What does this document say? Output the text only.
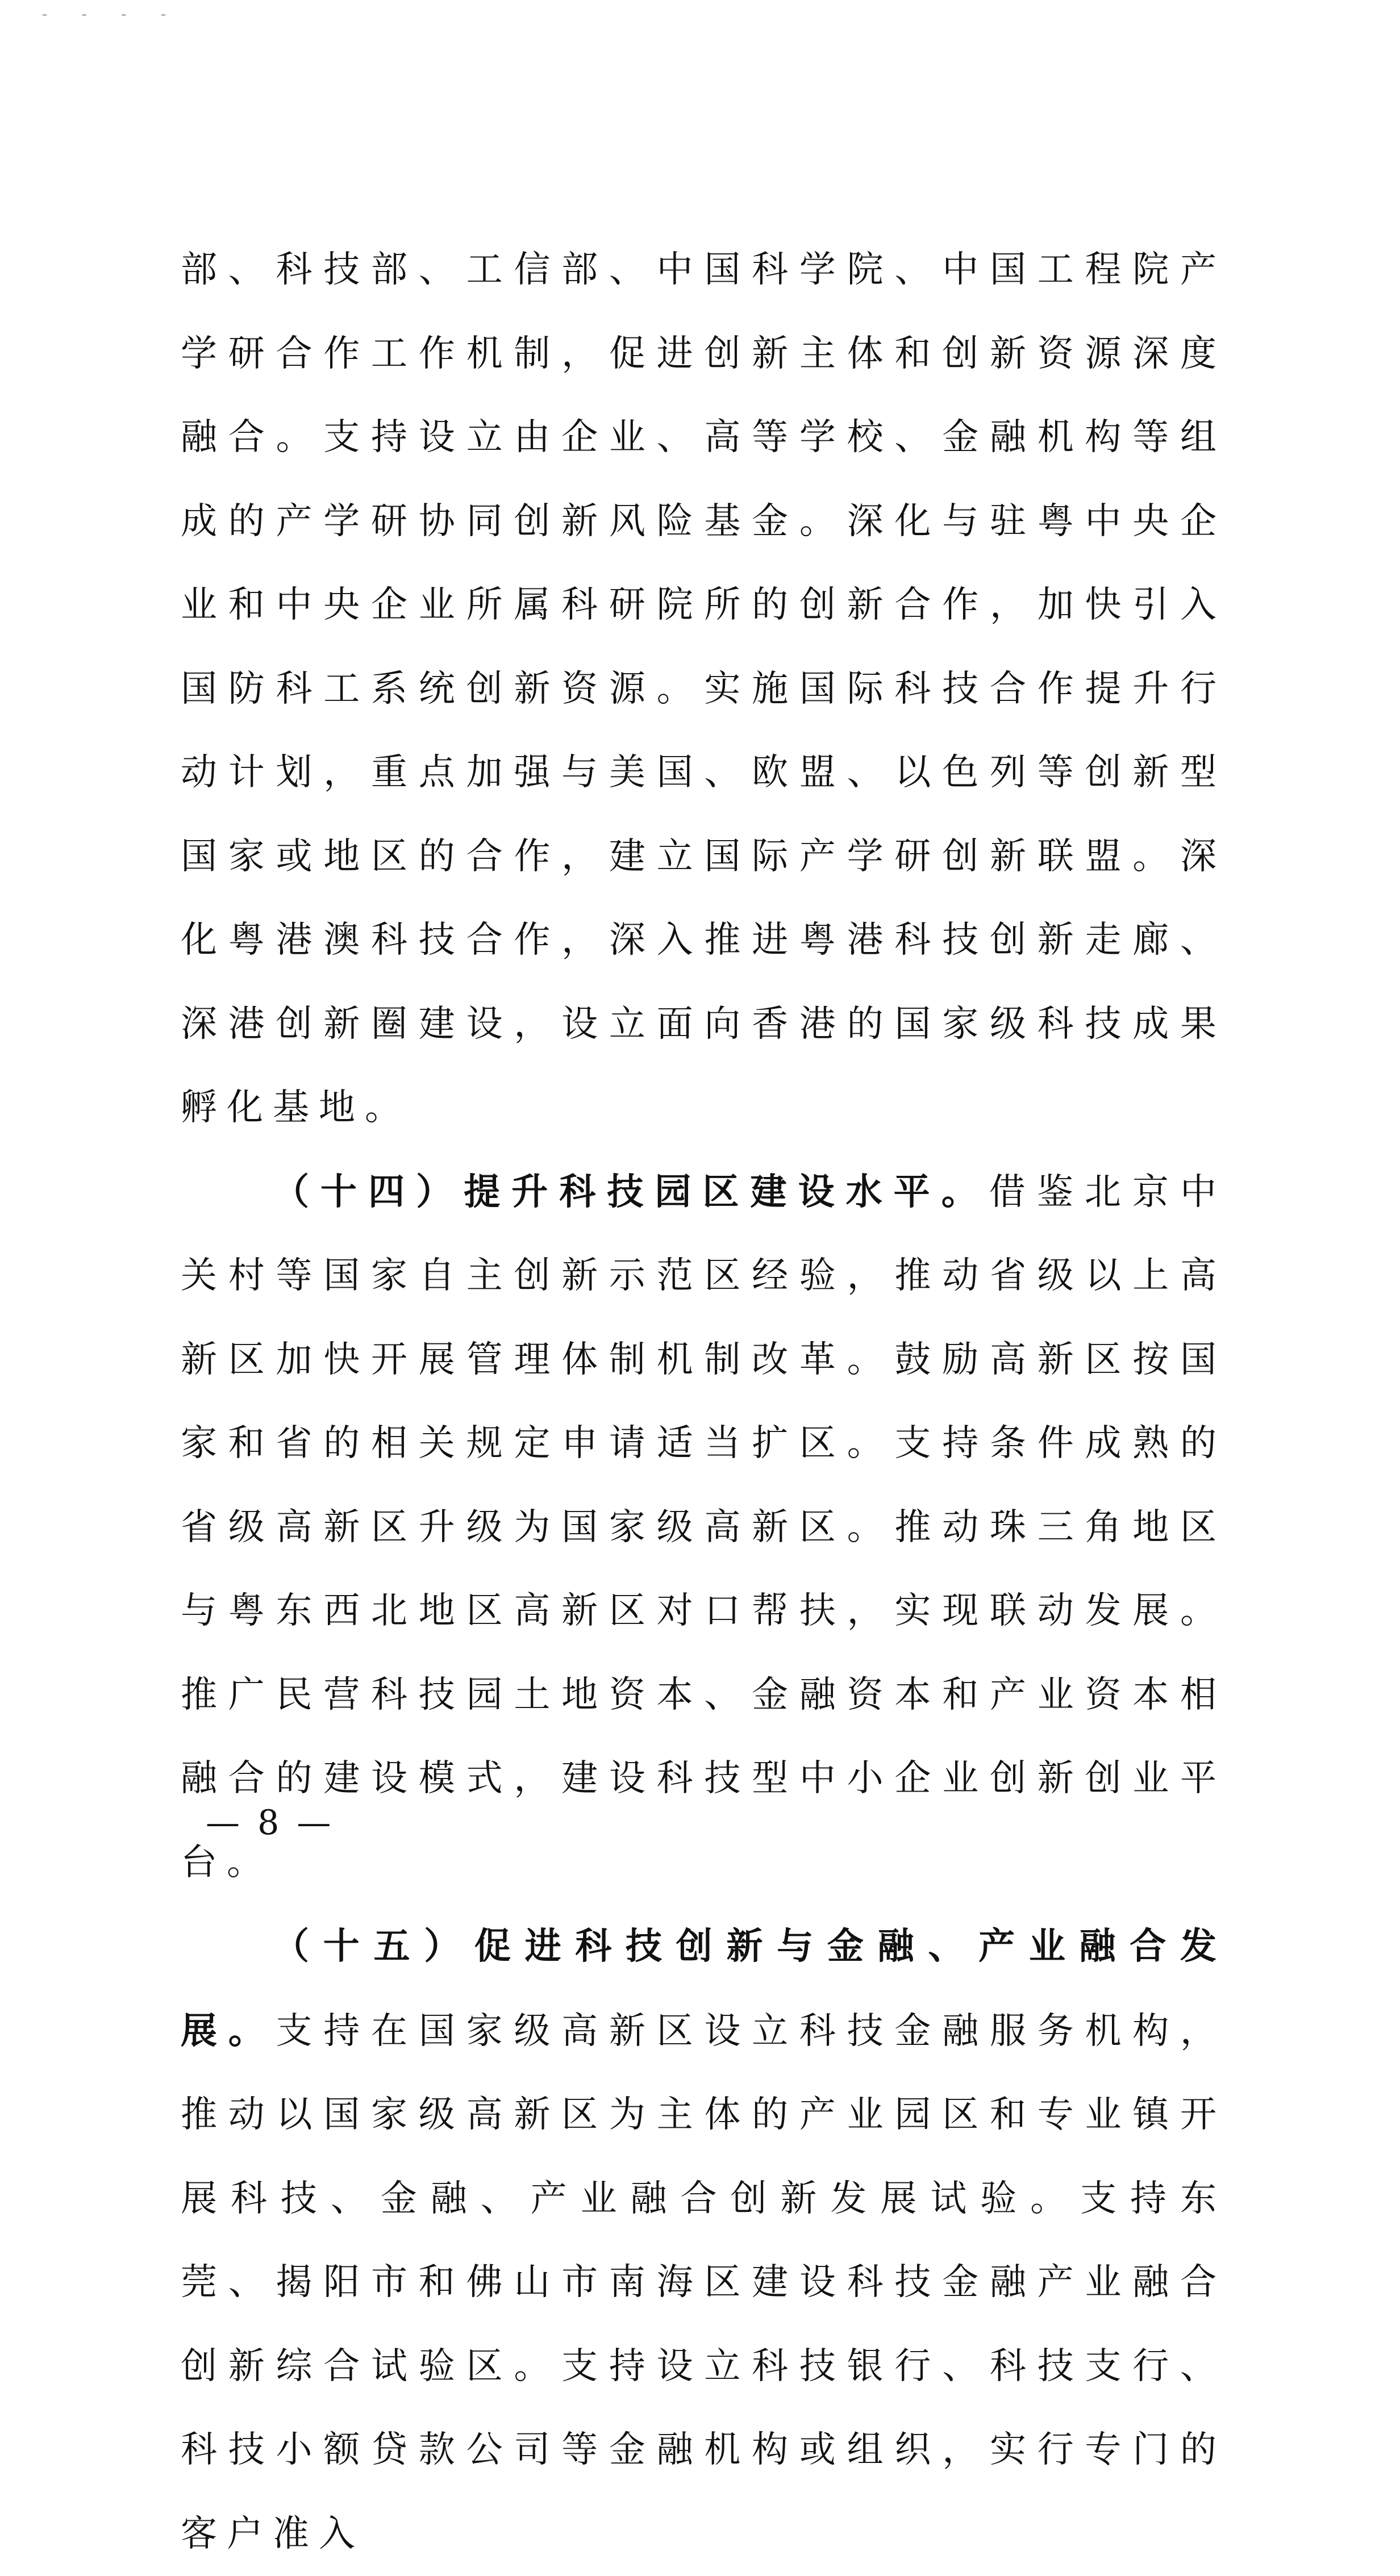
- - - -

部、科技部、工信部、中国科学院、中国工程院产学研合作工作机制，促进创新主体和创新资源深度融合。支持设立由企业、高等学校、金融机构等组成的产学研协同创新风险基金。深化与驻粤中央企业和中央企业所属科研院所的创新合作，加快引入国防科工系统创新资源。实施国际科技合作提升行动计划，重点加强与美国、欧盟、以色列等创新型国家或地区的合作，建立国际产学研创新联盟。深化粤港澳科技合作，深入推进粤港科技创新走廊、深港创新圈建设，设立面向香港的国家级科技成果孵化基地。

（十四）提升科技园区建设水平。借鉴北京中关村等国家自主创新示范区经验，推动省级以上高新区加快开展管理体制机制改革。鼓励高新区按国家和省的相关规定申请适当扩区。支持条件成熟的省级高新区升级为国家级高新区。推动珠三角地区与粤东西北地区高新区对口帮扶，实现联动发展。推广民营科技园土地资本、金融资本和产业资本相融合的建设模式，建设科技型中小企业创新创业平台。

（十五）促进科技创新与金融、产业融合发展。支持在国家级高新区设立科技金融服务机构，推动以国家级高新区为主体的产业园区和专业镇开展科技、金融、产业融合创新发展试验。支持东莞、揭阳市和佛山市南海区建设科技金融产业融合创新综合试验区。支持设立科技银行、科技支行、科技小额贷款公司等金融机构或组织，实行专门的客户准入

— 8 —
